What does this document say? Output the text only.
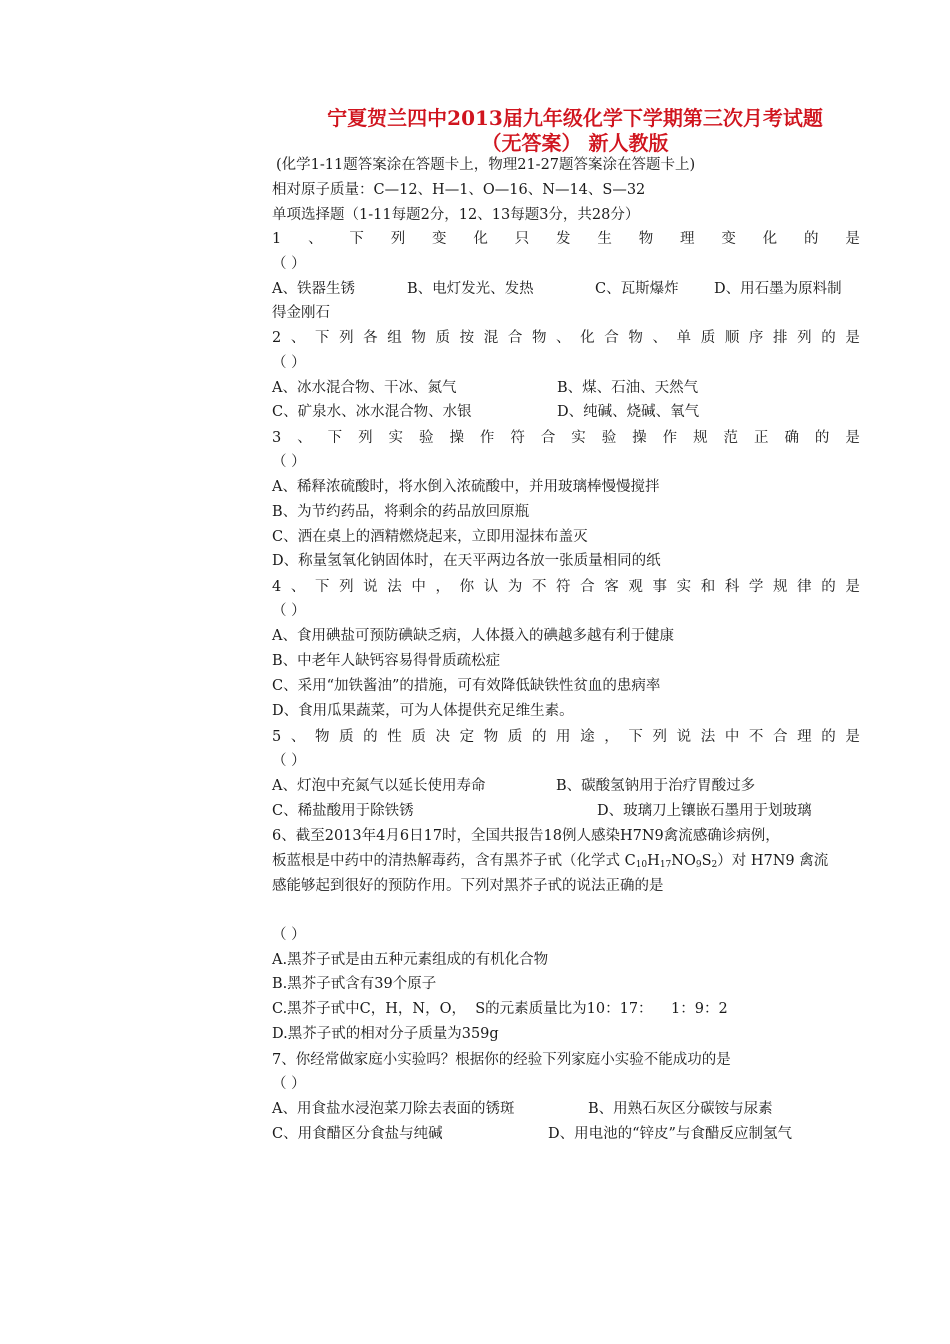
宁夏贺兰四中2013届九年级化学下学期第三次月考试题
（无答案） 新人教版
(化学1-11题答案涂在答题卡上，物理21-27题答案涂在答题卡上)
相对原子质量：C—12、H—1、O—16、N—14、S—32
单项选择题（1-11每题2分，12、13每题3分，共28分）
1 、 下 列 变 化 只 发 生 物 理 变 化 的 是
（ ）
A、铁器生锈	B、电灯发光、发热	C、瓦斯爆炸 D、用石墨为原料制
得金刚石
2 、 下 列 各 组 物 质 按 混 合 物 、 化 合 物 、 单 质 顺 序 排 列 的 是
（ ）
A、冰水混合物、干冰、氮气	B、煤、石油、天然气
C、矿泉水、冰水混合物、水银	D、纯碱、烧碱、氧气
3 、 下 列 实 验 操 作 符 合 实 验 操 作 规 范 正 确 的 是
（ ）
A、稀释浓硫酸时，将水倒入浓硫酸中，并用玻璃棒慢慢搅拌
B、为节约药品，将剩余的药品放回原瓶
C、洒在桌上的酒精燃烧起来，立即用湿抹布盖灭
D、称量氢氧化钠固体时，在天平两边各放一张质量相同的纸
4 、 下 列 说 法 中 ， 你 认 为 不 符 合 客 观 事 实 和 科 学 规 律 的 是
（ ）
A、食用碘盐可预防碘缺乏病，人体摄入的碘越多越有利于健康
B、中老年人缺钙容易得骨质疏松症
C、采用“加铁酱油”的措施，可有效降低缺铁性贫血的患病率
D、食用瓜果蔬菜，可为人体提供充足维生素。
5 、 物 质 的 性 质 决 定 物 质 的 用 途 ， 下 列 说 法 中 不 合 理 的 是
（ ）
A、灯泡中充氮气以延长使用寿命	B、碳酸氢钠用于治疗胃酸过多
C、稀盐酸用于除铁锈	D、玻璃刀上镶嵌石墨用于划玻璃
6、截至2013年4月6日17时，全国共报告18例人感染H7N9禽流感确诊病例，
板蓝根是中药中的清热解毒药，含有黑芥子甙（化学式 $C_{10}H_{17}NO_9S_2$）对 H7N9 禽流
感能够起到很好的预防作用。下列对黑芥子甙的说法正确的是
（ ）
A.黑芥子甙是由五种元素组成的有机化合物
B.黑芥子甙含有39个原子
C.黑芥子甙中C，H，N，O，  S的元素质量比为10：17：    1：9：2
D.黑芥子甙的相对分子质量为359g
7、你经常做家庭小实验吗？根据你的经验下列家庭小实验不能成功的是
（ ）
A、用食盐水浸泡菜刀除去表面的锈斑	B、用熟石灰区分碳铵与尿素
C、用食醋区分食盐与纯碱	D、用电池的“锌皮”与食醋反应制氢气
